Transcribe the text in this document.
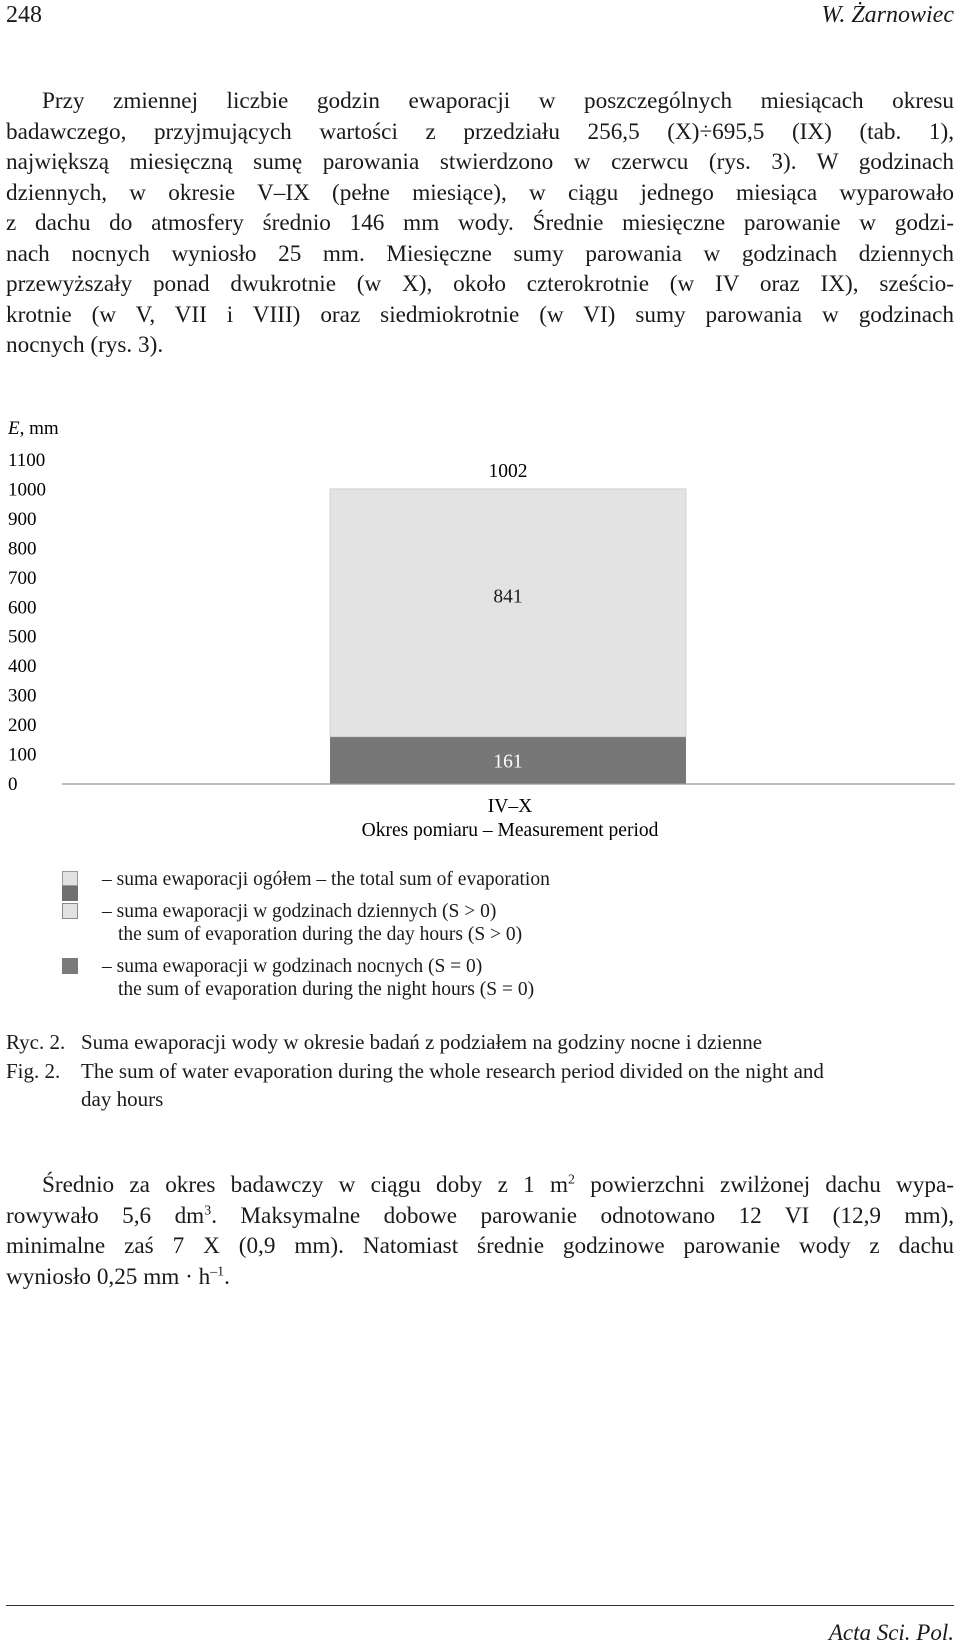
248	W. Żarnowiec
Przy zmiennej liczbie godzin ewaporacji w poszczególnych miesiącach okresu
badawczego, przyjmujących wartości z przedziału 256,5 (X)÷695,5 (IX) (tab. 1),
największą miesięczną sumę parowania stwierdzono w czerwcu (rys. 3). W godzinach
dziennych, w okresie V–IX (pełne miesiące), w ciągu jednego miesiąca wyparowało
z dachu do atmosfery średnio 146 mm wody. Średnie miesięczne parowanie w godzi-
nach nocnych wyniosło 25 mm. Miesięczne sumy parowania w godzinach dziennych
przewyższały ponad dwukrotnie (w X), około czterokrotnie (w IV oraz IX), sześcio-
krotnie (w V, VII i VIII) oraz siedmiokrotnie (w VI) sumy parowania w godzinach
nocnych (rys. 3).
E, mm
0
100
200
300
400
500
600
700
800
900
1000
1100
161
841
1002
IV–X
Okres pomiaru – Measurement period
– suma ewaporacji ogółem – the total sum of evaporation
– suma ewaporacji w godzinach dziennych (S > 0)
the sum of evaporation during the day hours (S > 0)
– suma ewaporacji w godzinach nocnych (S = 0)
the sum of evaporation during the night hours (S = 0)
Ryc. 2. Suma ewaporacji wody w okresie badań z podziałem na godziny nocne i dzienne
Fig. 2. The sum of water evaporation during the whole research period divided on the night and
day hours
Średnio za okres badawczy w ciągu doby z 1 $m^2$ powierzchni zwilżonej dachu wypa-
rowywało 5,6 $dm^3$. Maksymalne dobowe parowanie odnotowano 12 VI (12,9 mm),
minimalne zaś 7 X (0,9 mm). Natomiast średnie godzinowe parowanie wody z dachu
wyniosło 0,25 mm · $h^{-1}$.
Acta Sci. Pol.
